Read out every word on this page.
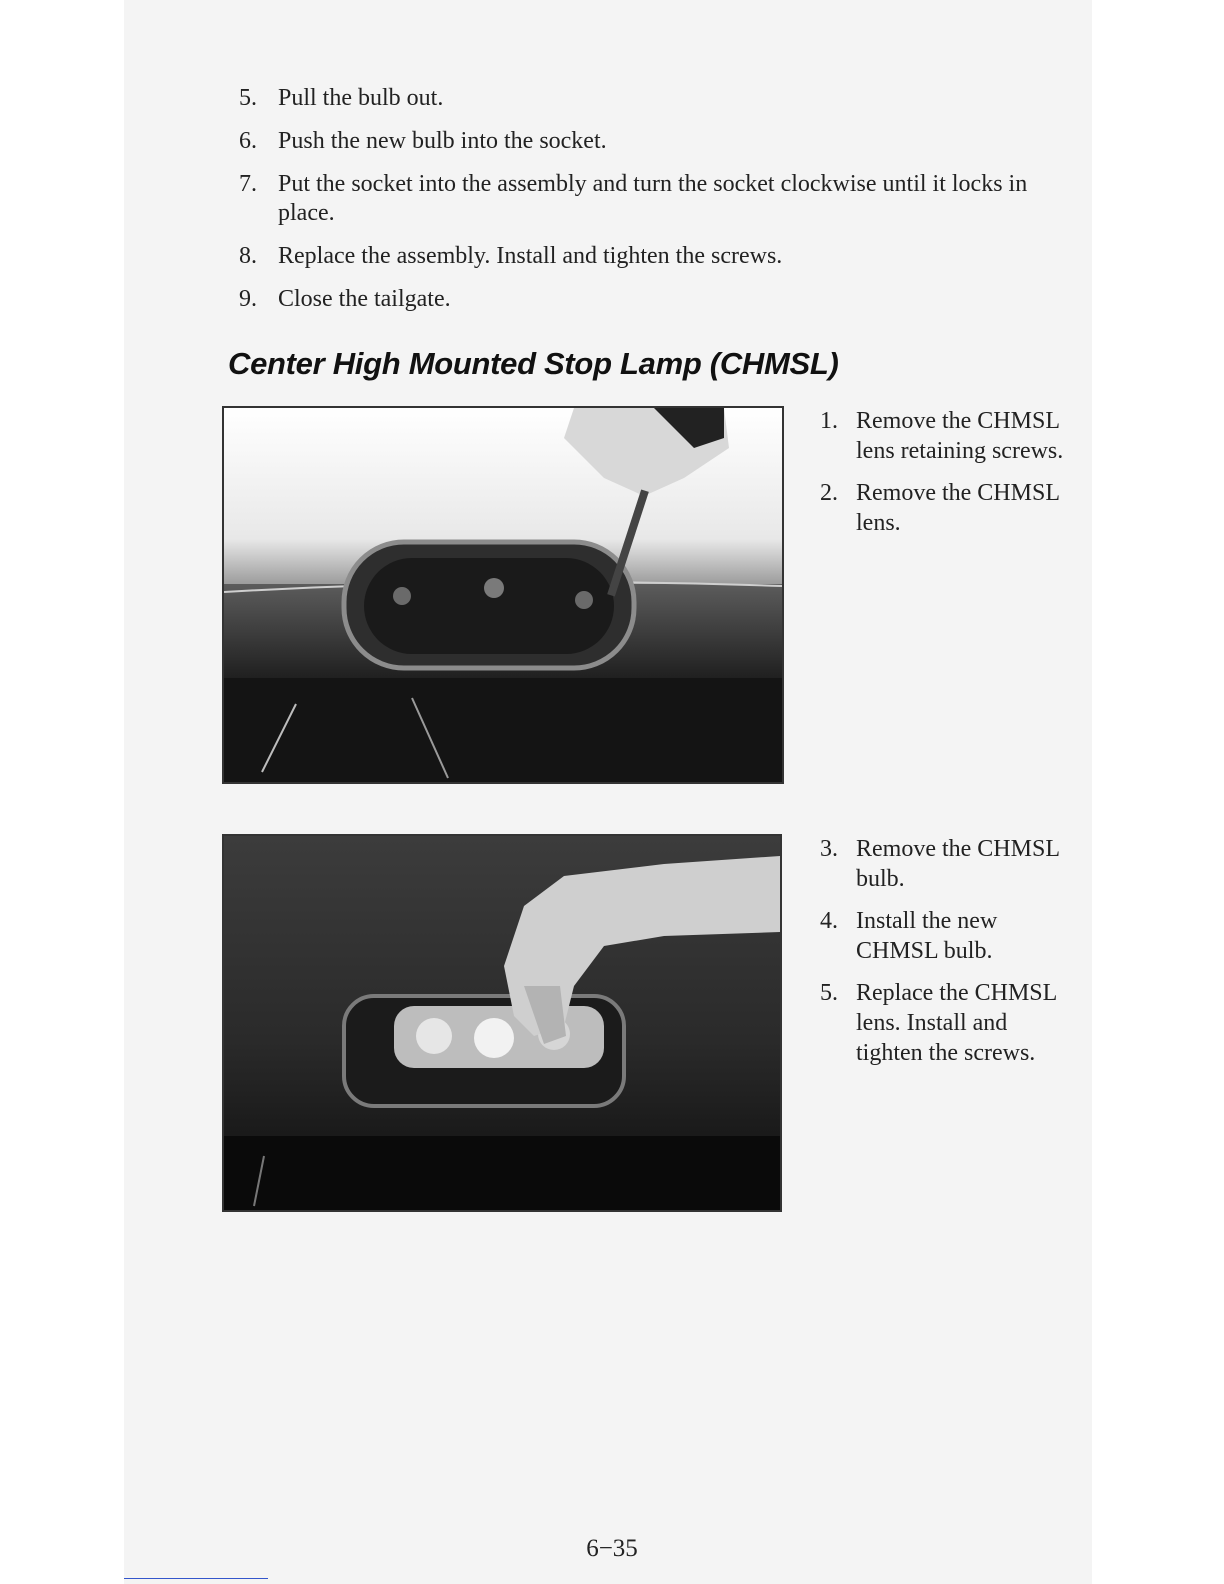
5. Pull the bulb out.
6. Push the new bulb into the socket.
7. Put the socket into the assembly and turn the socket clockwise until it locks in place.
8. Replace the assembly. Install and tighten the screws.
9. Close the tailgate.
Center High Mounted Stop Lamp (CHMSL)
1. Remove the CHMSL lens retaining screws.
2. Remove the CHMSL lens.
3. Remove the CHMSL bulb.
4. Install the new CHMSL bulb.
5. Replace the CHMSL lens. Install and tighten the screws.
6−35
